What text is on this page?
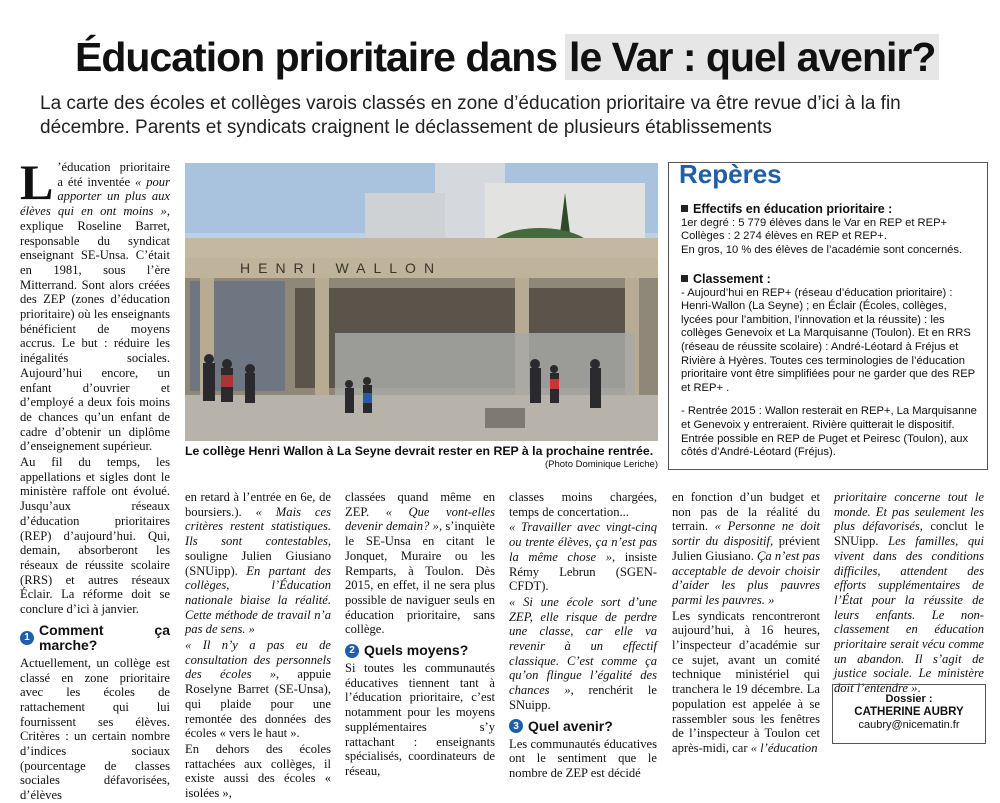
Éducation prioritaire dans le Var : quel avenir?
La carte des écoles et collèges varois classés en zone d’éducation prioritaire va être revue d’ici à la fin décembre. Parents et syndicats craignent le déclassement de plusieurs établissements

L ’éducation prioritaire a été inventée « pour apporter un plus aux élèves qui en ont moins », explique Roseline Barret, responsable du syndicat enseignant SE-Unsa. C’était en 1981, sous l’ère Mitterrand. Sont alors créées des ZEP (zones d’éducation prioritaire) où les enseignants bénéficient de moyens accrus. Le but : réduire les inégalités sociales. Aujourd’hui encore, un enfant d’ouvrier et d’employé a deux fois moins de chances qu’un enfant de cadre d’obtenir un diplôme d’enseignement supérieur.

Au fil du temps, les appellations et sigles dont le ministère raffole ont évolué. Jusqu’aux réseaux d’éducation prioritaires (REP) d’aujourd’hui. Qui, demain, absorberont les réseaux de réussite scolaire (RRS) et autres réseaux Éclair. La réforme doit se conclure d’ici à janvier.

1 Comment ça marche?

Actuellement, un collège est classé en zone prioritaire avec les écoles de rattachement qui lui fournissent ses élèves. Critères : un certain nombre d’indices sociaux (pourcentage de classes sociales défavorisées, d’élèves

HENRI WALLON
Le collège Henri Wallon à La Seyne devrait rester en REP à la prochaine rentrée.
(Photo Dominique Leriche)
Repères
Effectifs en éducation prioritaire :
1er degré : 5 779 élèves dans le Var en REP et REP+
Collèges : 2 274 élèves en REP et REP+.
En gros, 10 % des élèves de l’académie sont concernés.
Classement :
- Aujourd’hui en REP+ (réseau d’éducation prioritaire) : Henri-Wallon (La Seyne) ; en Éclair (Écoles, collèges, lycées pour l’ambition, l’innovation et la réussite) : les collèges Genevoix et La Marquisanne (Toulon). Et en RRS (réseau de réussite scolaire) : André-Léotard à Fréjus et Rivière à Hyères. Toutes ces terminologies de l’éducation prioritaire vont être simplifiées pour ne garder que des REP et REP+ .
- Rentrée 2015 : Wallon resterait en REP+, La Marquisanne et Genevoix y entreraient. Rivière quitterait le dispositif. Entrée possible en REP de Puget et Peiresc (Toulon), aux côtés d’André-Léotard (Fréjus).

en retard à l’entrée en 6e, de boursiers.). « Mais ces critères restent statistiques. Ils sont contestables, souligne Julien Giusiano (SNUipp). En partant des collèges, l’Éducation nationale biaise la réalité. Cette méthode de travail n’a pas de sens. »

« Il n’y a pas eu de consultation des personnels des écoles », appuie Roselyne Barret (SE-Unsa), qui plaide pour une remontée des données des écoles « vers le haut ».

En dehors des écoles rattachées aux collèges, il existe aussi des écoles « isolées »,

classées quand même en ZEP. « Que vont-elles devenir demain? », s’inquiète le SE-Unsa en citant le Jonquet, Muraire ou les Remparts, à Toulon. Dès 2015, en effet, il ne sera plus possible de naviguer seuls en éducation prioritaire, sans collège.

2 Quels moyens?

Si toutes les communautés éducatives tiennent tant à l’éducation prioritaire, c’est notamment pour les moyens supplémentaires s’y rattachant : enseignants spécialisés, coordinateurs de réseau,

classes moins chargées, temps de concertation...

« Travailler avec vingt-cinq ou trente élèves, ça n’est pas la même chose », insiste Rémy Lebrun (SGEN-CFDT).

« Si une école sort d’une ZEP, elle risque de perdre une classe, car elle va revenir à un effectif classique. C’est comme ça qu’on flingue l’égalité des chances », renchérit le SNuipp.

3 Quel avenir?

Les communautés éducatives ont le sentiment que le nombre de ZEP est décidé

en fonction d’un budget et non pas de la réalité du terrain. « Personne ne doit sortir du dispositif, prévient Julien Giusiano. Ça n’est pas acceptable de devoir choisir d’aider les plus pauvres parmi les pauvres. »

Les syndicats rencontreront aujourd’hui, à 16 heures, l’inspecteur d’académie sur ce sujet, avant un comité technique ministériel qui tranchera le 19 décembre. La population est appelée à se rassembler sous les fenêtres de l’inspecteur à Toulon cet après-midi, car « l’éducation

prioritaire concerne tout le monde. Et pas seulement les plus défavorisés, conclut le SNUipp. Les familles, qui vivent dans des conditions difficiles, attendent des efforts supplémentaires de l’État pour la réussite de leurs enfants. Le non-classement en éducation prioritaire serait vécu comme un abandon. Il s’agit de justice sociale. Le ministère doit l’entendre ».

Dossier :
CATHERINE AUBRY
caubry@nicematin.fr
